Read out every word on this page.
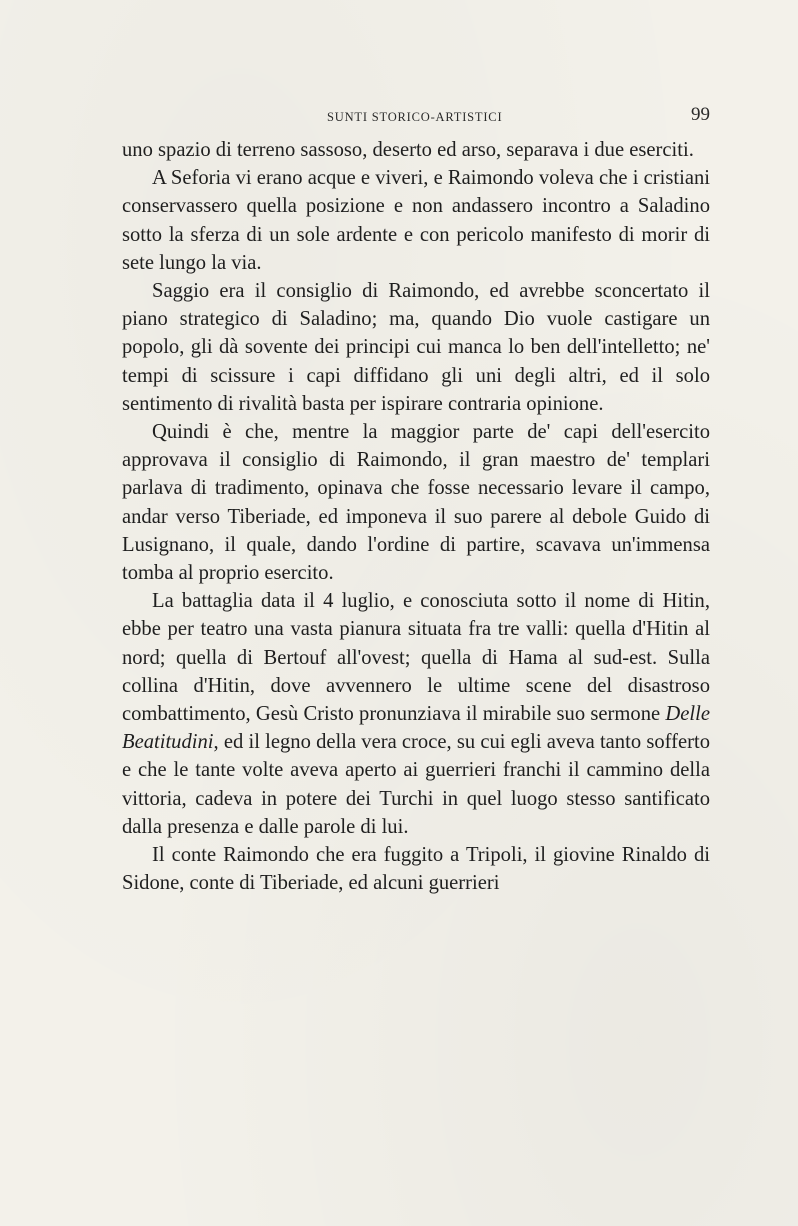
SUNTI STORICO-ARTISTICI	99

uno spazio di terreno sassoso, deserto ed arso, separava i due eserciti.

A Seforia vi erano acque e viveri, e Raimondo voleva che i cristiani conservassero quella posizione e non andassero incontro a Saladino sotto la sferza di un sole ardente e con pericolo manifesto di morir di sete lungo la via.

Saggio era il consiglio di Raimondo, ed avrebbe sconcertato il piano strategico di Saladino; ma, quando Dio vuole castigare un popolo, gli dà sovente dei principi cui manca lo ben dell'intelletto; ne' tempi di scissure i capi diffidano gli uni degli altri, ed il solo sentimento di rivalità basta per ispirare contraria opinione.

Quindi è che, mentre la maggior parte de' capi dell'esercito approvava il consiglio di Raimondo, il gran maestro de' templari parlava di tradimento, opinava che fosse necessario levare il campo, andar verso Tiberiade, ed imponeva il suo parere al debole Guido di Lusignano, il quale, dando l'ordine di partire, scavava un'immensa tomba al proprio esercito.

La battaglia data il 4 luglio, e conosciuta sotto il nome di Hitin, ebbe per teatro una vasta pianura situata fra tre valli: quella d'Hitin al nord; quella di Bertouf all'ovest; quella di Hama al sud-est. Sulla collina d'Hitin, dove avvennero le ultime scene del disastroso combattimento, Gesù Cristo pronunziava il mirabile suo sermone Delle Beatitudini, ed il legno della vera croce, su cui egli aveva tanto sofferto e che le tante volte aveva aperto ai guerrieri franchi il cammino della vittoria, cadeva in potere dei Turchi in quel luogo stesso santificato dalla presenza e dalle parole di lui.

Il conte Raimondo che era fuggito a Tripoli, il giovine Rinaldo di Sidone, conte di Tiberiade, ed alcuni guerrieri
